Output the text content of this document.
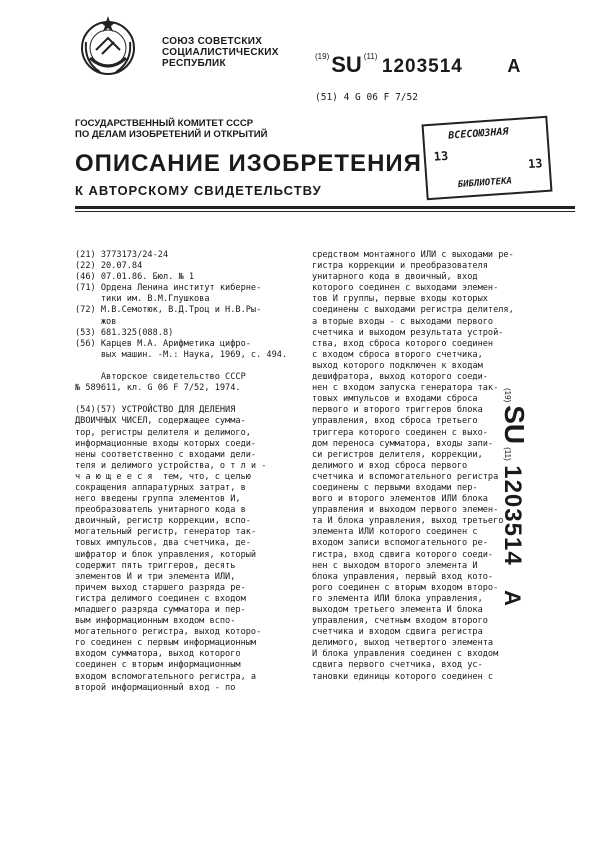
СОЮЗ СОВЕТСКИХ
СОЦИАЛИСТИЧЕСКИХ
РЕСПУБЛИК
$^{(19)}$SU $^{(11)}$ 1203514 A
(51) 4 G 06 F 7/52
ГОСУДАРСТВЕННЫЙ КОМИТЕТ СССР
ПО ДЕЛАМ ИЗОБРЕТЕНИЙ И ОТКРЫТИЙ	ВСЕСОЮЗНАЯ
13	13
БИБЛИОТЕКА
ОПИСАНИЕ ИЗОБРЕТЕНИЯ
К АВТОРСКОМУ СВИДЕТЕЛЬСТВУ
(21) 3773173/24-24
(22) 20.07.84
(46) 07.01.86. Бюл. № 1
(71) Ордена Ленина институт киберне-
тики им. В.М.Глушкова
(72) М.В.Семотюк, В.Д.Троц и Н.В.Ры-
жов
(53) 681.325(088.8)
(56) Карцев М.А. Арифметика цифро-
вых машин. -М.: Наука, 1969, с. 494.

Авторское свидетельство СССР
№ 589611, кл. G 06 F 7/52, 1974.

(54)(57) УСТРОЙСТВО ДЛЯ ДЕЛЕНИЯ
ДВОИЧНЫХ ЧИСЕЛ, содержащее сумма-
тор, регистры делителя и делимого,
информационные входы которых соеди-
нены соответственно с входами дели-
теля и делимого устройства, о т л и -
ч а ю щ е е с я  тем, что, с целью
сокращения аппаратурных затрат, в
него введены группа элементов И,
преобразователь унитарного кода в
двоичный, регистр коррекции, вспо-
могательный регистр, генератор так-
товых импульсов, два счетчика, де-
шифратор и блок управления, который
содержит пять триггеров, десять
элементов И и три элемента ИЛИ,
причем выход старшего разряда ре-
гистра делимого соединен с входом
младшего разряда сумматора и пер-
вым информационным входом вспо-
могательного регистра, выход которо-
го соединен с первым информационным
входом сумматора, выход которого
соединен с вторым информационным
входом вспомогательного регистра, а
второй информационный вход - по
средством монтажного ИЛИ с выходами ре-
гистра коррекции и преобразователя
унитарного кода в двоичный, вход
которого соединен с выходами элемен-
тов И группы, первые входы которых
соединены с выходами регистра делителя,
а вторые входы - с выходами первого
счетчика и выходом результата устрой-
ства, вход сброса которого соединен
с входом сброса второго счетчика,
выход которого подключен к входам
дешифратора, выход которого соеди-
нен с входом запуска генератора так-
товых импульсов и входами сброса
первого и второго триггеров блока
управления, вход сброса третьего
триггера которого соединен с выхо-
дом переноса сумматора, входы запи-
си регистров делителя, коррекции,
делимого и вход сброса первого
счетчика и вспомогательного регистра
соединены с первыми входами пер-
вого и второго элементов ИЛИ блока
управления и выходом первого элемен-
та И блока управления, выход третьего
элемента ИЛИ которого соединен с
входом записи вспомогательного ре-
гистра, вход сдвига которого соеди-
нен с выходом второго элемента И
блока управления, первый вход кото-
рого соединен с вторым входом второ-
го элемента ИЛИ блока управления,
выходом третьего элемента И блока
управления, счетным входом второго
счетчика и входом сдвига регистра
делимого, выход четвертого элемента
И блока управления соединен с входом
сдвига первого счетчика, вход ус-
тановки единицы которого соединен с
(19)SU(11) 1203514 A
